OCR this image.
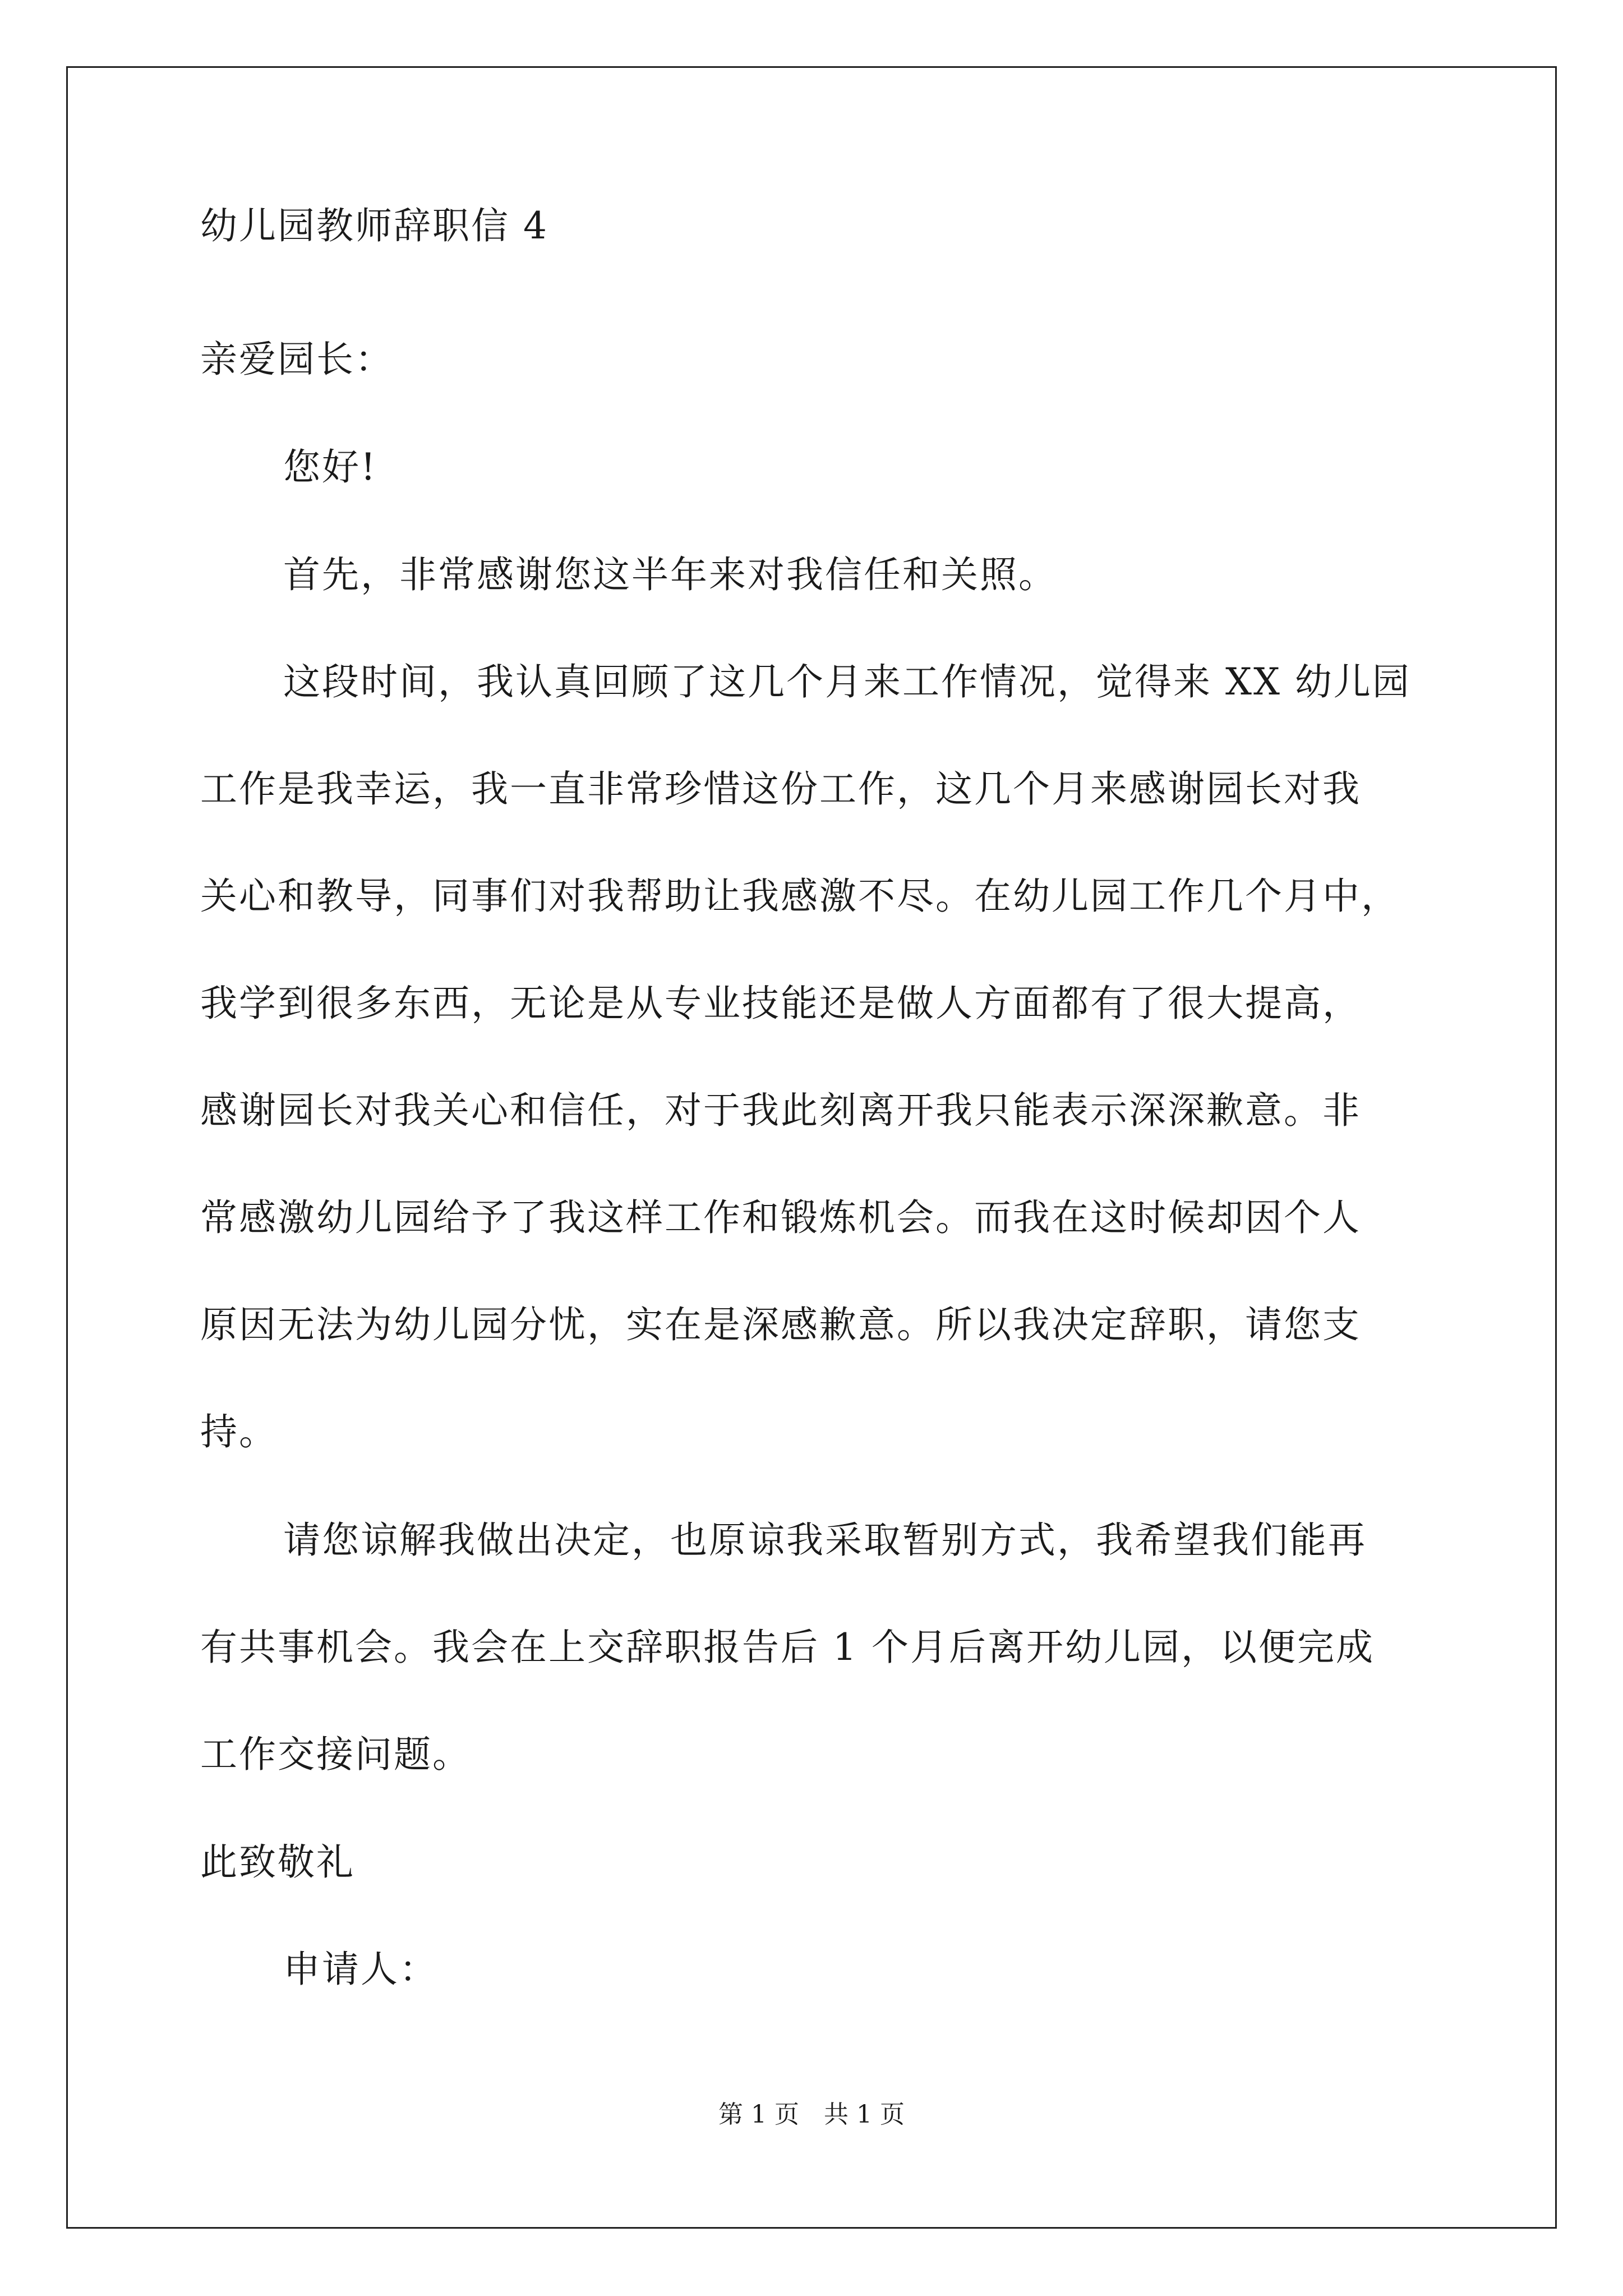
幼儿园教师辞职信 4
亲爱园长：
您好!
首先，非常感谢您这半年来对我信任和关照。
这段时间，我认真回顾了这几个月来工作情况，觉得来 XX 幼儿园
工作是我幸运，我一直非常珍惜这份工作，这几个月来感谢园长对我
关心和教导，同事们对我帮助让我感激不尽。在幼儿园工作几个月中，
我学到很多东西，无论是从专业技能还是做人方面都有了很大提高，
感谢园长对我关心和信任，对于我此刻离开我只能表示深深歉意。非
常感激幼儿园给予了我这样工作和锻炼机会。而我在这时候却因个人
原因无法为幼儿园分忧，实在是深感歉意。所以我决定辞职，请您支
持。
请您谅解我做出决定，也原谅我采取暂别方式，我希望我们能再
有共事机会。我会在上交辞职报告后 1 个月后离开幼儿园，以便完成
工作交接问题。
此致敬礼
申请人：
第 1 页　共 1 页
